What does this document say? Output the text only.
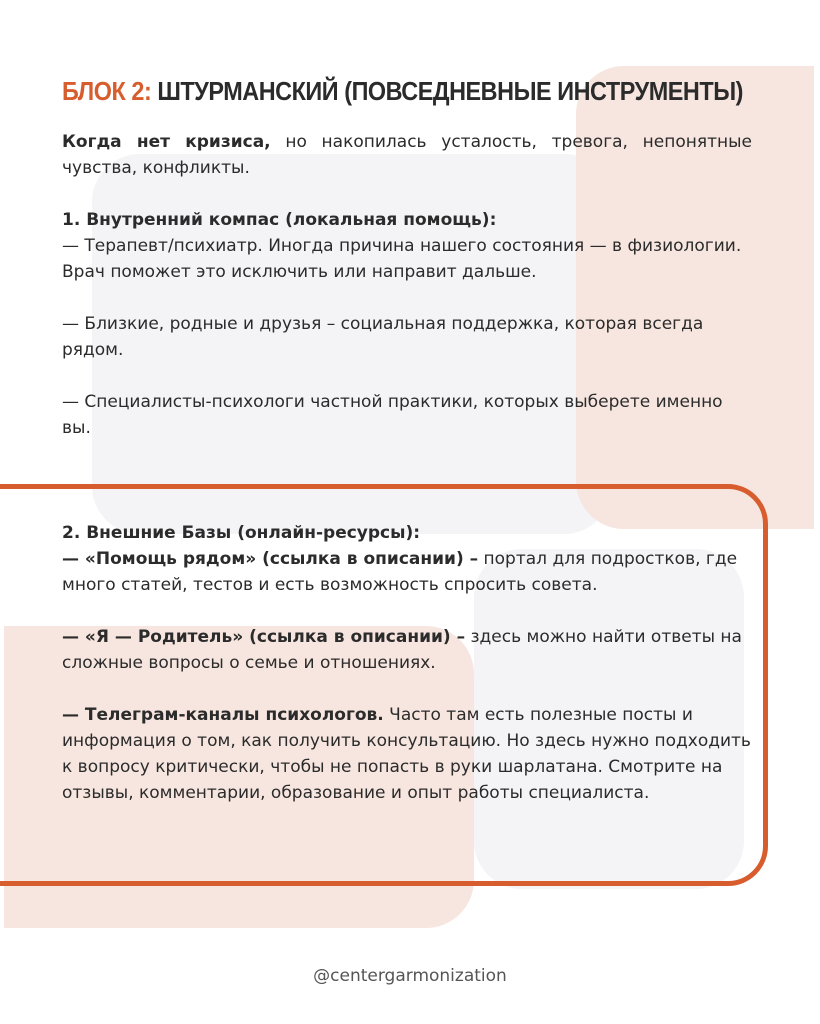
БЛОК 2: ШТУРМАНСКИЙ (ПОВСЕДНЕВНЫЕ ИНСТРУМЕНТЫ)

Когда нет кризиса, но накопилась усталость, тревога, непонятные чувства, конфликты.

1. Внутренний компас (локальная помощь):

— Терапевт/психиатр. Иногда причина нашего состояния — в физиологии. Врач поможет это исключить или направит дальше.

— Близкие, родные и друзья – социальная поддержка, которая всегда рядом.

— Специалисты-психологи частной практики, которых выберете именно вы.

2. Внешние Базы (онлайн-ресурсы):

— «Помощь рядом» (ссылка в описании) – портал для подростков, где много статей, тестов и есть возможность спросить совета.

— «Я — Родитель» (ссылка в описании) – здесь можно найти ответы на сложные вопросы о семье и отношениях.

— Телеграм-каналы психологов. Часто там есть полезные посты и информация о том, как получить консультацию. Но здесь нужно подходить к вопросу критически, чтобы не попасть в руки шарлатана. Смотрите на отзывы, комментарии, образование и опыт работы специалиста.

@centergarmonization
